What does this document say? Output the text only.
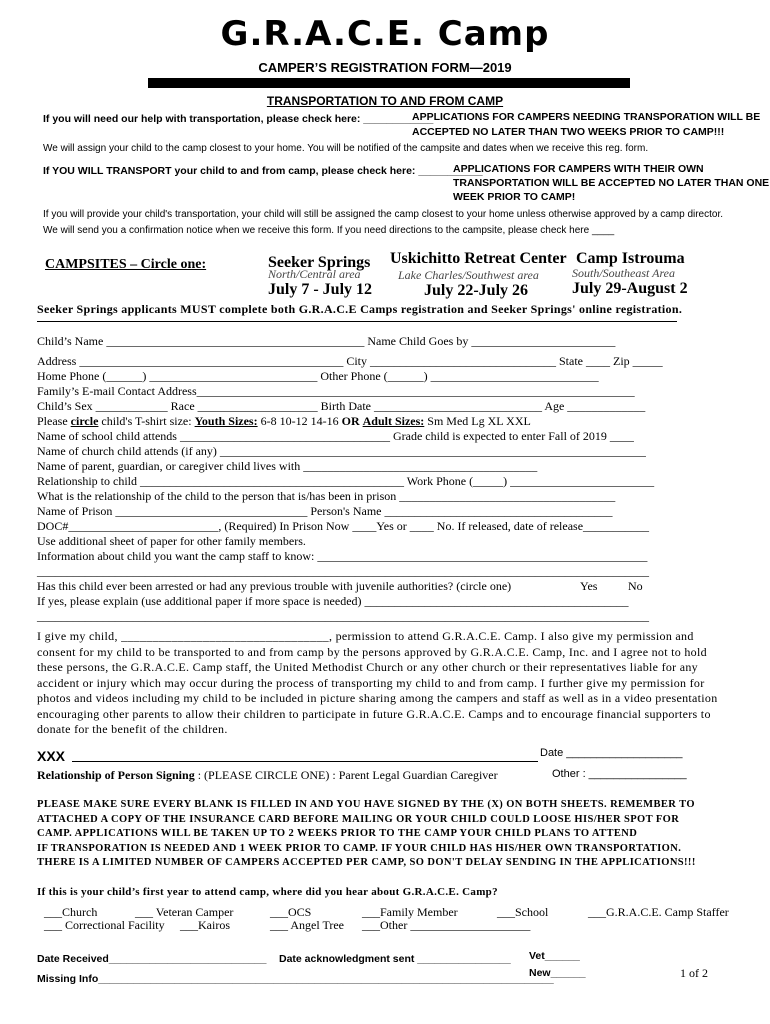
G.R.A.C.E. Camp
CAMPER’S REGISTRATION FORM—2019
TRANSPORTATION TO AND FROM CAMP
If you will need our help with transportation, please check here: ____________
APPLICATIONS FOR CAMPERS NEEDING TRANSPORATION WILL BE
ACCEPTED NO LATER THAN TWO WEEKS PRIOR TO CAMP!!!
We will assign your child to the camp closest to your home. You will be notified of the campsite and dates when we receive this reg. form.
If YOU WILL TRANSPORT your child to and from camp, please check here: ___________
APPLICATIONS FOR CAMPERS WITH THEIR OWN
TRANSPORTATION WILL BE ACCEPTED NO LATER THAN ONE
WEEK PRIOR TO CAMP!
If you will provide your child's transportation, your child will still be assigned the camp closest to your home unless otherwise approved by a camp director.
We will send you a confirmation notice when we receive this form. If you need directions to the campsite, please check here ____
CAMPSITES – Circle one:	Seeker Springs
North/Central area
July 7 - July 12
Uskichitto Retreat Center
Lake Charles/Southwest area
July 22-July 26
Camp Istrouma
South/Southeast Area
July 29-August 2
Seeker Springs applicants MUST complete both G.R.A.C.E Camps registration and Seeker Springs' online registration.
Child’s Name ___________________________________________ Name Child Goes by ________________________
Address ____________________________________________ City _______________________________ State ____ Zip _____
Home Phone (______) ____________________________ Other Phone (______) ____________________________
Family’s E-mail Contact Address_________________________________________________________________________
Child’s Sex ____________ Race ____________________ Birth Date ____________________________ Age _____________
Please circle child's T-shirt size: Youth Sizes: 6-8 10-12 14-16 OR Adult Sizes: Sm Med Lg XL XXL
Name of school child attends ___________________________________ Grade child is expected to enter Fall of 2019 ____
Name of church child attends (if any) _______________________________________________________________________
Name of parent, guardian, or caregiver child lives with _______________________________________
Relationship to child ____________________________________________ Work Phone (_____) ________________________
What is the relationship of the child to the person that is/has been in prison ____________________________________
Name of Prison ________________________________ Person's Name ______________________________________
DOC#_________________________, (Required) In Prison Now ____Yes or ____ No. If released, date of release___________
Use additional sheet of paper for other family members.
Information about child you want the camp staff to know: _______________________________________________________
______________________________________________________________________________________________________
Has this child ever been arrested or had any previous trouble with juvenile authorities? (circle one)	Yes	No
If yes, please explain (use additional paper if more space is needed) ____________________________________________
______________________________________________________________________________________________________
I give my child, _________________________________, permission to attend G.R.A.C.E. Camp. I also give my permission and
consent for my child to be transported to and from camp by the persons approved by G.R.A.C.E. Camp, Inc. and I agree not to hold
these persons, the G.R.A.C.E. Camp staff, the United Methodist Church or any other church or their representatives liable for any
accident or injury which may occur during the process of transporting my child to and from camp. I further give my permission for
photos and videos including my child to be included in picture sharing among the campers and staff as well as in a video presentation
encouraging other parents to allow their children to participate in future G.R.A.C.E. Camps and to encourage financial supporters to
donate for the benefit of the children.
XXX	Date ___________________
Relationship of Person Signing : (PLEASE CIRCLE ONE) : Parent Legal Guardian Caregiver	Other : ________________
PLEASE MAKE SURE EVERY BLANK IS FILLED IN AND YOU HAVE SIGNED BY THE (X) ON BOTH SHEETS. REMEMBER TO
ATTACHED A COPY OF THE INSURANCE CARD BEFORE MAILING OR YOUR CHILD COULD LOOSE HIS/HER SPOT FOR
CAMP. APPLICATIONS WILL BE TAKEN UP TO 2 WEEKS PRIOR TO THE CAMP YOUR CHILD PLANS TO ATTEND
IF TRANSPORATION IS NEEDED AND 1 WEEK PRIOR TO CAMP. IF YOUR CHILD HAS HIS/HER OWN TRANSPORTATION.
THERE IS A LIMITED NUMBER OF CAMPERS ACCEPTED PER CAMP, SO DON'T DELAY SENDING IN THE APPLICATIONS!!!
If this is your child’s first year to attend camp, where did you hear about G.R.A.C.E. Camp?
___Church	___ Veteran Camper	___OCS	___Family Member	___School	___G.R.A.C.E. Camp Staffer
___ Correctional Facility ___Kairos	___ Angel Tree ___Other ____________________
Date Received___________________________ Date acknowledgment sent ________________ Vet______
New______	1 of 2
Missing Info______________________________________________________________________________
